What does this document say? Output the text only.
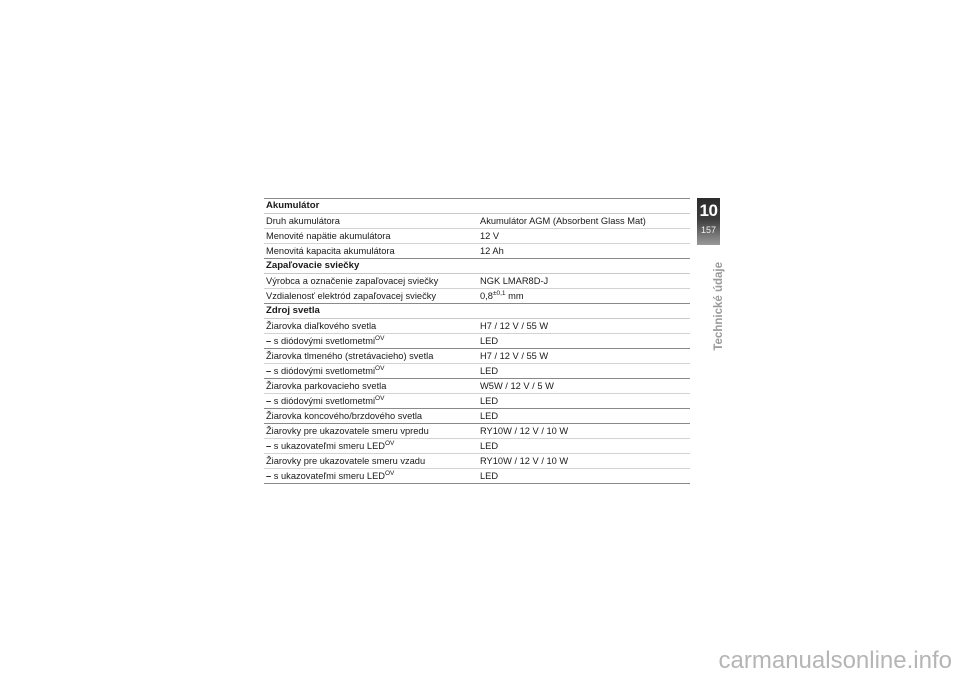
Akumulátor
Druh akumulátora	Akumulátor AGM (Absorbent Glass Mat)
Menovité napätie akumulátora	12 V
Menovitá kapacita akumulátora	12 Ah
Zapaľovacie sviečky
Výrobca a označenie zapaľovacej sviečky	NGK LMAR8D-J
Vzdialenosť elektród zapaľovacej sviečky	$0,8^{\pm 0,1}$ mm
Zdroj svetla
Žiarovka diaľkového svetla	H7 / 12 V / 55 W
– s diódovými svetlometmi$^{OV}$	LED
Žiarovka tlmeného (stretávacieho) svetla	H7 / 12 V / 55 W
– s diódovými svetlometmi$^{OV}$	LED
Žiarovka parkovacieho svetla	W5W / 12 V / 5 W
– s diódovými svetlometmi$^{OV}$	LED
Žiarovka koncového/brzdového svetla	LED
Žiarovky pre ukazovatele smeru vpredu	RY10W / 12 V / 10 W
– s ukazovateľmi smeru $LED^{OV}$	LED
Žiarovky pre ukazovatele smeru vzadu	RY10W / 12 V / 10 W
– s ukazovateľmi smeru $LED^{OV}$	LED
10
157
Technické údaje
carmanualsonline.info
